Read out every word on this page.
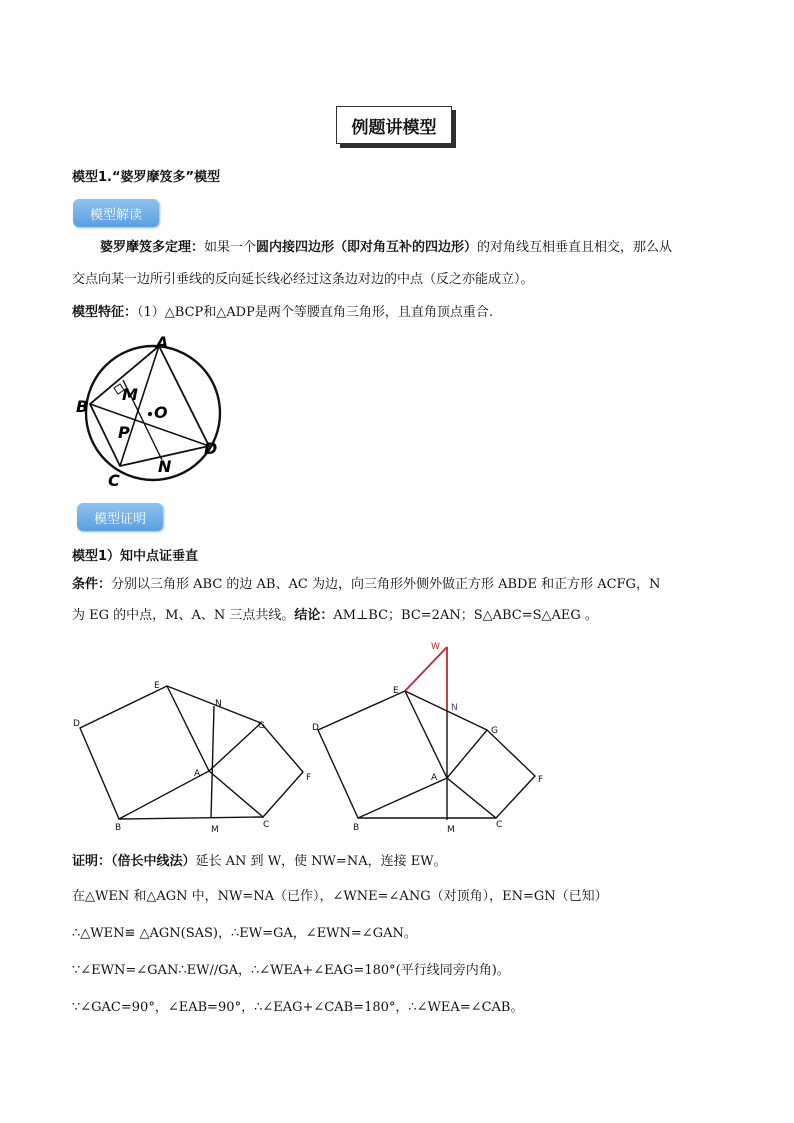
例题讲模型
模型1.“婆罗摩笈多”模型
模型解读
婆罗摩笈多定理：如果一个圆内接四边形（即对角互补的四边形）的对角线互相垂直且相交，那么从
交点向某一边所引垂线的反向延长线必经过这条边对边的中点（反之亦能成立）。
模型特征：（1）△BCP和△ADP是两个等腰直角三角形，且直角顶点重合.
A
B
C
D
M
N
O
P
模型证明
模型1）知中点证垂直
条件：分别以三角形 ABC 的边 AB、AC 为边，向三角形外侧外做正方形 ABDE 和正方形 ACFG，N
为 EG 的中点，M、A、N 三点共线。结论：AM⊥BC；BC=2AN；S△ABC=S△AEG 。
E
D
B	M	C
F
G
N
A
W
E
N
D	G
F
A
B	M	C
证明：（倍长中线法）延长 AN 到 W，使 NW=NA，连接 EW。
在△WEN 和△AGN 中，NW=NA（已作），∠WNE=∠ANG（对顶角），EN=GN（已知）
∴△WEN≌ △AGN(SAS)，∴EW=GA，∠EWN=∠GAN。
∵∠EWN=∠GAN∴EW//GA，∴∠WEA+∠EAG=180°(平行线同旁内角)。
∵∠GAC=90°，∠EAB=90°，∴∠EAG+∠CAB=180°，∴∠WEA=∠CAB。
